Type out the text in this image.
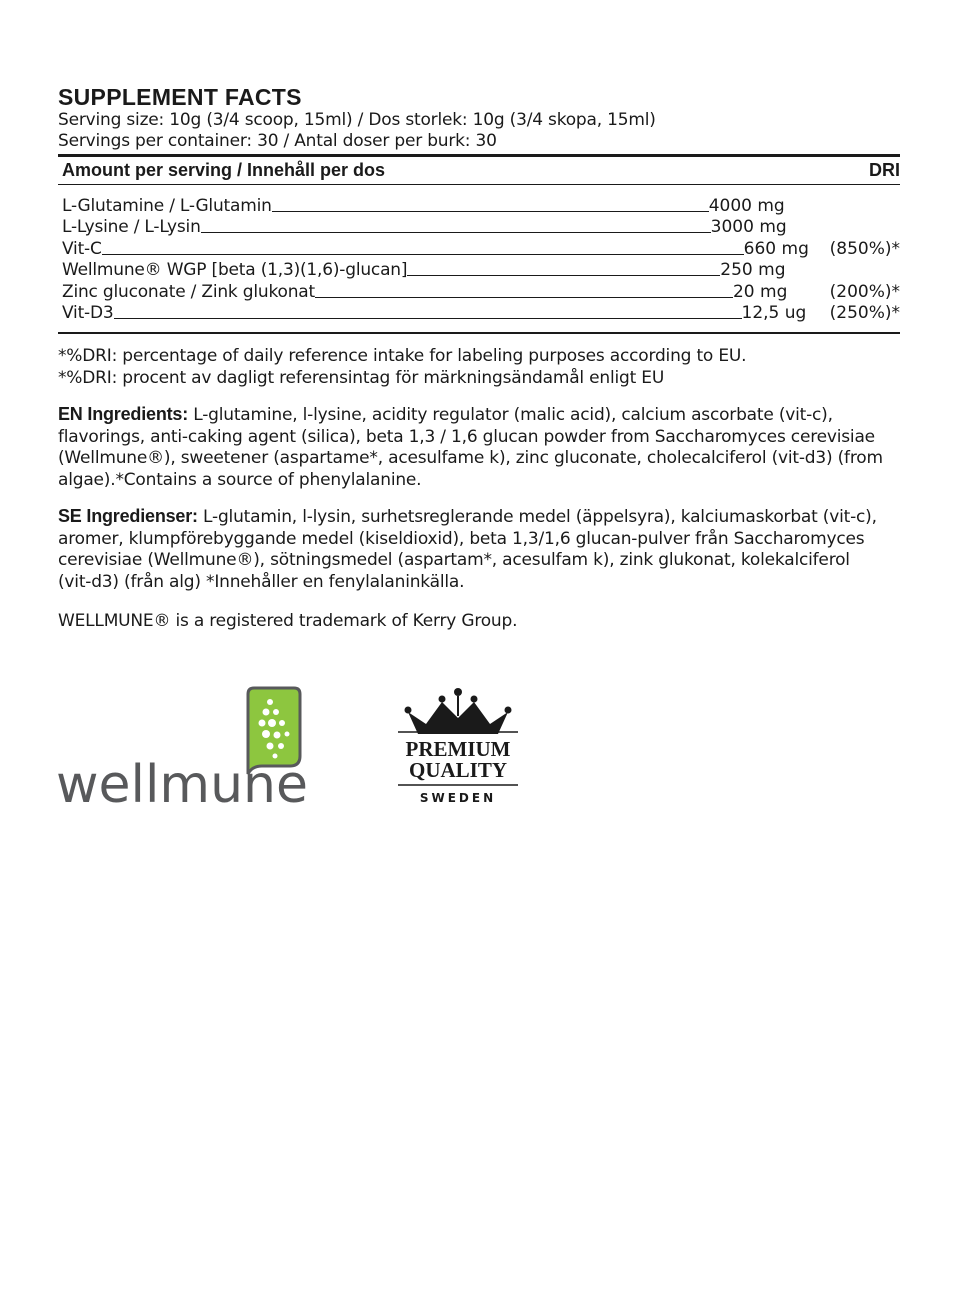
SUPPLEMENT FACTS

Serving size: 10g (3/4 scoop, 15ml) / Dos storlek: 10g (3/4 skopa, 15ml)

Servings per container: 30 / Antal doser per burk: 30

Amount per serving / Innehåll per dos	DRI
L-Glutamine / L-Glutamin	4000 mg
L-Lysine / L-Lysin	3000 mg
Vit-C	660 mg	(850%)*
Wellmune® WGP [beta (1,3)(1,6)-glucan]	250 mg
Zinc gluconate / Zink glukonat	20 mg	(200%)*
Vit-D3	12,5 ug	(250%)*
*%DRI: percentage of daily reference intake for labeling purposes according to EU.
*%DRI: procent av dagligt referensintag för märkningsändamål enligt EU
EN Ingredients: L-glutamine, l-lysine, acidity regulator (malic acid), calcium ascorbate (vit-c), flavorings, anti-caking agent (silica), beta 1,3 / 1,6 glucan powder from Saccharomyces cerevisiae (Wellmune®), sweetener (aspartame*, acesulfame k), zinc gluconate, cholecalciferol (vit-d3) (from algae).*Contains a source of phenylalanine.
SE Ingredienser: L-glutamin, l-lysin, surhetsreglerande medel (äppelsyra), kalciumaskorbat (vit-c), aromer, klumpförebyggande medel (kiseldioxid), beta 1,3/1,6 glucan-pulver från Saccharomyces cerevisiae (Wellmune®), sötningsmedel (aspartam*, acesulfam k), zink glukonat, kolekalciferol (vit-d3) (från alg) *Innehåller en fenylalaninkälla.
WELLMUNE® is a registered trademark of Kerry Group.
wellmune
PREMIUM
QUALITY
SWEDEN
